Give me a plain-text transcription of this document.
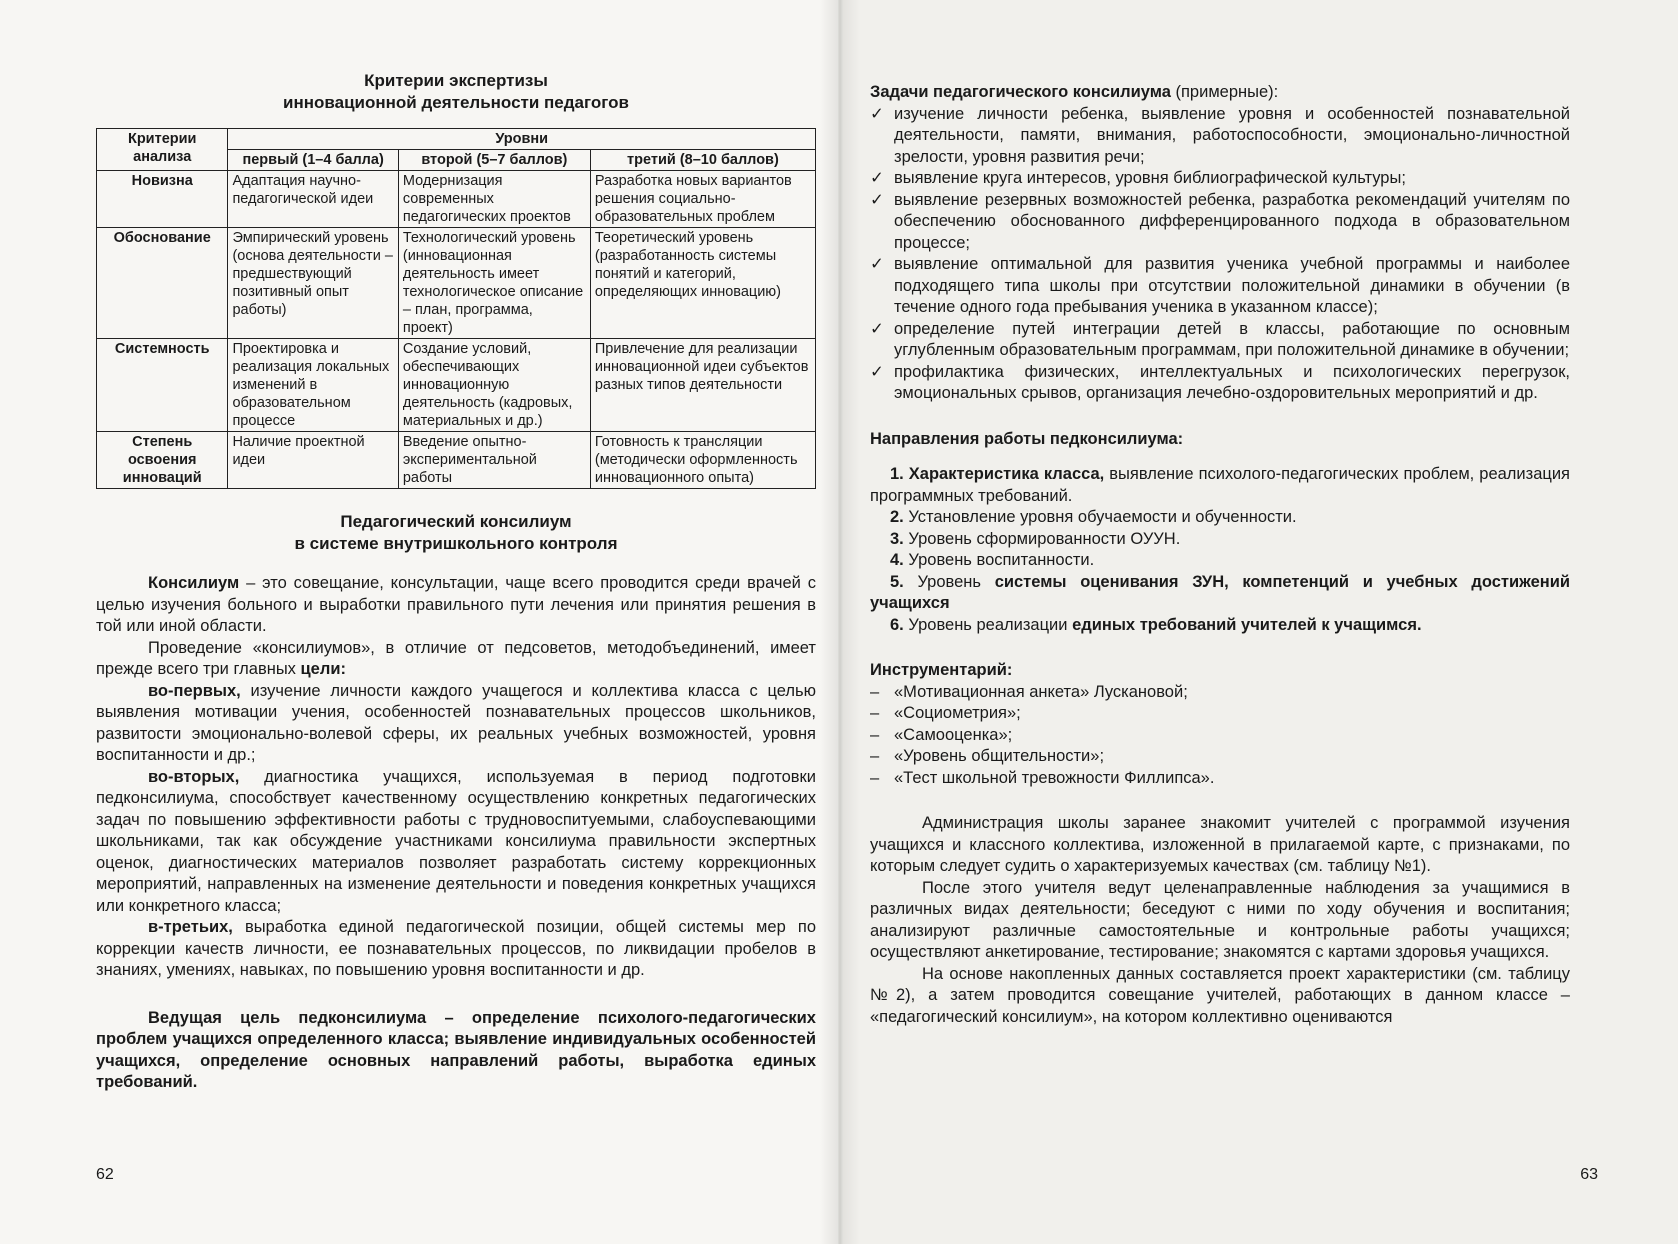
Критерии экспертизы

инновационной деятельности педагогов

Критерии анализа	Уровни		
	первый (1–4 балла)	второй (5–7 баллов)	третий (8–10 баллов)
Новизна	Адаптация научно-педагогической идеи	Модернизация современных педагогических проектов	Разработка новых вариантов решения социально-образовательных проблем
Обоснование	Эмпирический уровень (основа деятельности – предшествующий позитивный опыт работы)	Технологический уровень (инновационная деятельность имеет технологическое описание – план, программа, проект)	Теоретический уровень (разработанность системы понятий и категорий, определяющих инновацию)
Системность	Проектировка и реализация локальных изменений в образовательном процессе	Создание условий, обеспечивающих инновационную деятельность (кадровых, материальных и др.)	Привлечение для реализации инновационной идеи субъектов разных типов деятельности
Степень освоения инноваций	Наличие проектной идеи	Введение опытно-экспериментальной работы	Готовность к трансляции (методически оформленность инновационного опыта)

Педагогический консилиум

в системе внутришкольного контроля

Консилиум – это совещание, консультации, чаще всего проводится среди врачей с целью изучения больного и выработки правильного пути лечения или принятия решения в той или иной области.

Проведение «консилиумов», в отличие от педсоветов, методобъединений, имеет прежде всего три главных цели:

во-первых, изучение личности каждого учащегося и коллектива класса с целью выявления мотивации учения, особенностей познавательных процессов школьников, развитости эмоционально-волевой сферы, их реальных учебных возможностей, уровня воспитанности и др.;

во-вторых, диагностика учащихся, используемая в период подготовки педконсилиума, способствует качественному осуществлению конкретных педагогических задач по повышению эффективности работы с трудновоспитуемыми, слабоуспевающими школьниками, так как обсуждение участниками консилиума правильности экспертных оценок, диагностических материалов позволяет разработать систему коррекционных мероприятий, направленных на изменение деятельности и поведения конкретных учащихся или конкретного класса;

в-третьих, выработка единой педагогической позиции, общей системы мер по коррекции качеств личности, ее познавательных процессов, по ликвидации пробелов в знаниях, умениях, навыках, по повышению уровня воспитанности и др.

Ведущая цель педконсилиума – определение психолого-педагогических проблем учащихся определенного класса; выявление индивидуальных особенностей учащихся, определение основных направлений работы, выработка единых требований.

62

Задачи педагогического консилиума (примерные):

✓ изучение личности ребенка, выявление уровня и особенностей познавательной деятельности, памяти, внимания, работоспособности, эмоционально-личностной зрелости, уровня развития речи;
✓ выявление круга интересов, уровня библиографической культуры;
✓ выявление резервных возможностей ребенка, разработка рекомендаций учителям по обеспечению обоснованного дифференцированного подхода в образовательном процессе;
✓ выявление оптимальной для развития ученика учебной программы и наиболее подходящего типа школы при отсутствии положительной динамики в обучении (в течение одного года пребывания ученика в указанном классе);
✓ определение путей интеграции детей в классы, работающие по основным углубленным образовательным программам, при положительной динамике в обучении;
✓ профилактика физических, интеллектуальных и психологических перегрузок, эмоциональных срывов, организация лечебно-оздоровительных мероприятий и др.

Направления работы педконсилиума:

1. Характеристика класса, выявление психолого-педагогических проблем, реализация программных требований.

2. Установление уровня обучаемости и обученности.

3. Уровень сформированности ОУУН.

4. Уровень воспитанности.

5. Уровень системы оценивания ЗУН, компетенций и учебных достижений учащихся

6. Уровень реализации единых требований учителей к учащимся.

Инструментарий:

– «Мотивационная анкета» Лускановой;
– «Социометрия»;
– «Самооценка»;
– «Уровень общительности»;
– «Тест школьной тревожности Филлипса».

Администрация школы заранее знакомит учителей с программой изучения учащихся и классного коллектива, изложенной в прилагаемой карте, с признаками, по которым следует судить о характеризуемых качествах (см. таблицу №1).

После этого учителя ведут целенаправленные наблюдения за учащимися в различных видах деятельности; беседуют с ними по ходу обучения и воспитания; анализируют различные самостоятельные и контрольные работы учащихся; осуществляют анкетирование, тестирование; знакомятся с картами здоровья учащихся.

На основе накопленных данных составляется проект характеристики (см. таблицу №2), а затем проводится совещание учителей, работающих в данном классе – «педагогический консилиум», на котором коллективно оцениваются

63
